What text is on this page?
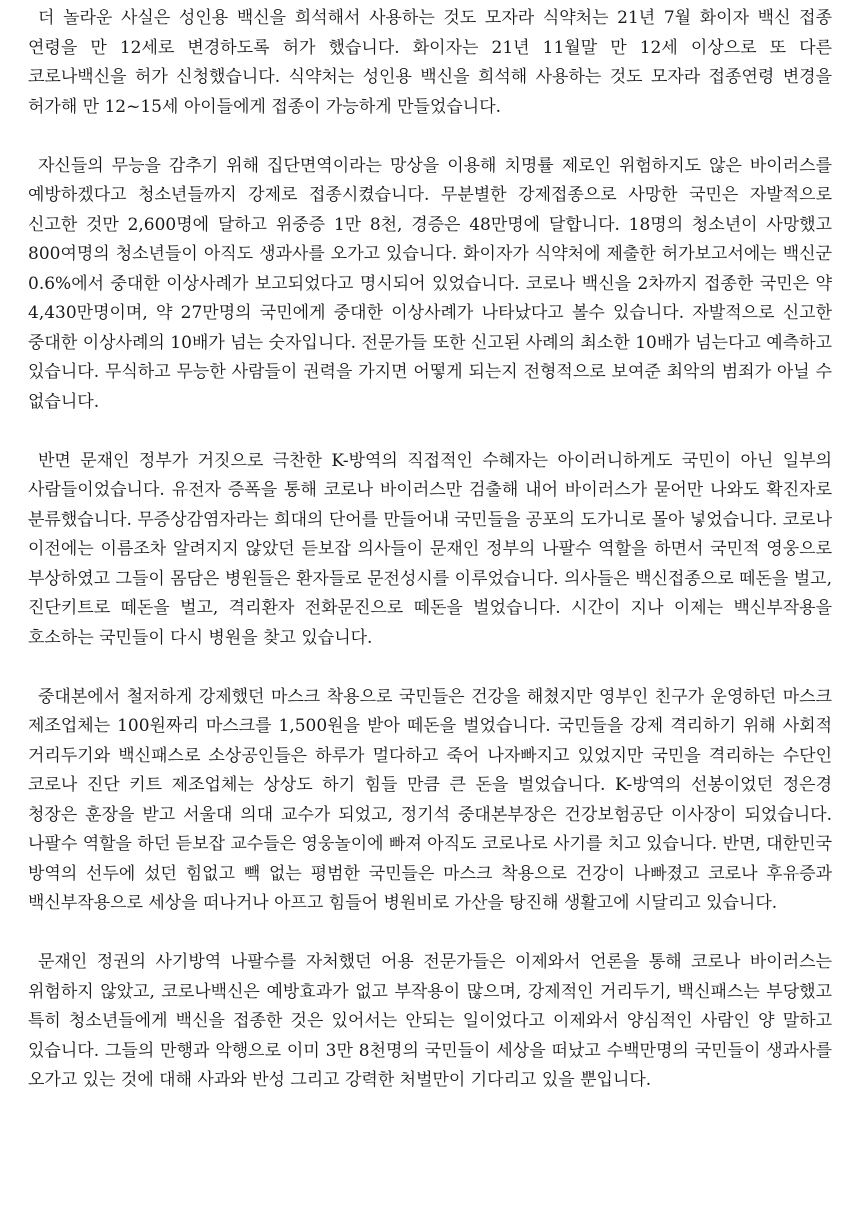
더 놀라운 사실은 성인용 백신을 희석해서 사용하는 것도 모자라 식약처는 21년 7월 화이자 백신 접종 연령을 만 12세로 변경하도록 허가 했습니다. 화이자는 21년 11월말 만 12세 이상으로 또 다른 코로나백신을 허가 신청했습니다. 식약처는 성인용 백신을 희석해 사용하는 것도 모자라 접종연령 변경을 허가해 만 12~15세 아이들에게 접종이 가능하게 만들었습니다.

자신들의 무능을 감추기 위해 집단면역이라는 망상을 이용해 치명률 제로인 위험하지도 않은 바이러스를 예방하겠다고 청소년들까지 강제로 접종시켰습니다. 무분별한 강제접종으로 사망한 국민은 자발적으로 신고한 것만 2,600명에 달하고 위중증 1만 8천, 경증은 48만명에 달합니다. 18명의 청소년이 사망했고 800여명의 청소년들이 아직도 생과사를 오가고 있습니다. 화이자가 식약처에 제출한 허가보고서에는 백신군 0.6%에서 중대한 이상사례가 보고되었다고 명시되어 있었습니다. 코로나 백신을 2차까지 접종한 국민은 약 4,430만명이며, 약 27만명의 국민에게 중대한 이상사례가 나타났다고 볼수 있습니다. 자발적으로 신고한 중대한 이상사례의 10배가 넘는 숫자입니다. 전문가들 또한 신고된 사례의 최소한 10배가 넘는다고 예측하고 있습니다. 무식하고 무능한 사람들이 권력을 가지면 어떻게 되는지 전형적으로 보여준 최악의 범죄가 아닐 수 없습니다.

반면 문재인 정부가 거짓으로 극찬한 K-방역의 직접적인 수혜자는 아이러니하게도 국민이 아닌 일부의 사람들이었습니다. 유전자 증폭을 통해 코로나 바이러스만 검출해 내어 바이러스가 묻어만 나와도 확진자로 분류했습니다. 무증상감염자라는 희대의 단어를 만들어내 국민들을 공포의 도가니로 몰아 넣었습니다. 코로나 이전에는 이름조차 알려지지 않았던 듣보잡 의사들이 문재인 정부의 나팔수 역할을 하면서 국민적 영웅으로 부상하였고 그들이 몸담은 병원들은 환자들로 문전성시를 이루었습니다. 의사들은 백신접종으로 떼돈을 벌고, 진단키트로 떼돈을 벌고, 격리환자 전화문진으로 떼돈을 벌었습니다. 시간이 지나 이제는 백신부작용을 호소하는 국민들이 다시 병원을 찾고 있습니다.

중대본에서 철저하게 강제했던 마스크 착용으로 국민들은 건강을 해쳤지만 영부인 친구가 운영하던 마스크 제조업체는 100원짜리 마스크를 1,500원을 받아 떼돈을 벌었습니다. 국민들을 강제 격리하기 위해 사회적 거리두기와 백신패스로 소상공인들은 하루가 멀다하고 죽어 나자빠지고 있었지만 국민을 격리하는 수단인 코로나 진단 키트 제조업체는 상상도 하기 힘들 만큼 큰 돈을 벌었습니다. K-방역의 선봉이었던 정은경 청장은 훈장을 받고 서울대 의대 교수가 되었고, 정기석 중대본부장은 건강보험공단 이사장이 되었습니다. 나팔수 역할을 하던 듣보잡 교수들은 영웅놀이에 빠져 아직도 코로나로 사기를 치고 있습니다. 반면, 대한민국 방역의 선두에 섰던 힘없고 빽 없는 평범한 국민들은 마스크 착용으로 건강이 나빠졌고 코로나 후유증과 백신부작용으로 세상을 떠나거나 아프고 힘들어 병원비로 가산을 탕진해 생활고에 시달리고 있습니다.

문재인 정권의 사기방역 나팔수를 자처했던 어용 전문가들은 이제와서 언론을 통해 코로나 바이러스는 위험하지 않았고, 코로나백신은 예방효과가 없고 부작용이 많으며, 강제적인 거리두기, 백신패스는 부당했고 특히 청소년들에게 백신을 접종한 것은 있어서는 안되는 일이었다고 이제와서 양심적인 사람인 양 말하고 있습니다. 그들의 만행과 악행으로 이미 3만 8천명의 국민들이 세상을 떠났고 수백만명의 국민들이 생과사를 오가고 있는 것에 대해 사과와 반성 그리고 강력한 처벌만이 기다리고 있을 뿐입니다.
